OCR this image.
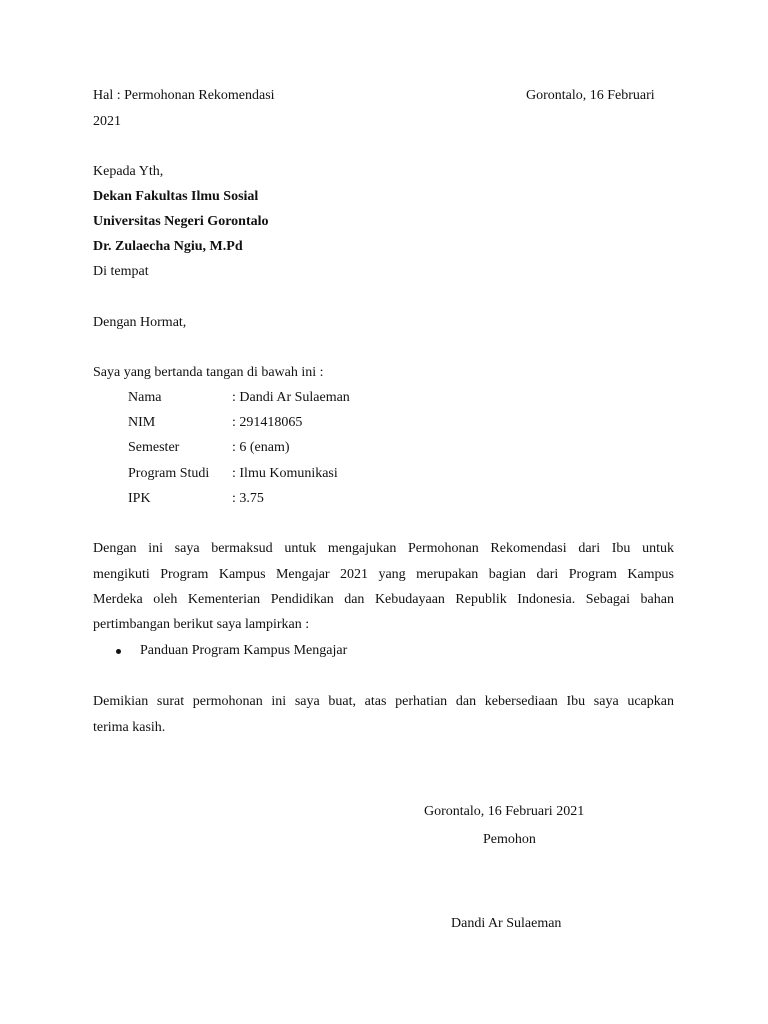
Hal : Permohonan Rekomendasi	Gorontalo, 16 Februari
2021
Kepada Yth,
Dekan Fakultas Ilmu Sosial
Universitas Negeri Gorontalo
Dr. Zulaecha Ngiu, M.Pd
Di tempat
Dengan Hormat,
Saya yang bertanda tangan di bawah ini :
Nama	: Dandi Ar Sulaeman
NIM	: 291418065
Semester	: 6 (enam)
Program Studi : Ilmu Komunikasi
IPK	: 3.75
Dengan ini saya bermaksud untuk mengajukan Permohonan Rekomendasi dari Ibu untuk
mengikuti Program Kampus Mengajar 2021 yang merupakan bagian dari Program Kampus
Merdeka oleh Kementerian Pendidikan dan Kebudayaan Republik Indonesia. Sebagai bahan
pertimbangan berikut saya lampirkan :
Panduan Program Kampus Mengajar
Demikian surat permohonan ini saya buat, atas perhatian dan kebersediaan Ibu saya ucapkan
terima kasih.
Gorontalo, 16 Februari 2021
Pemohon
Dandi Ar Sulaeman
